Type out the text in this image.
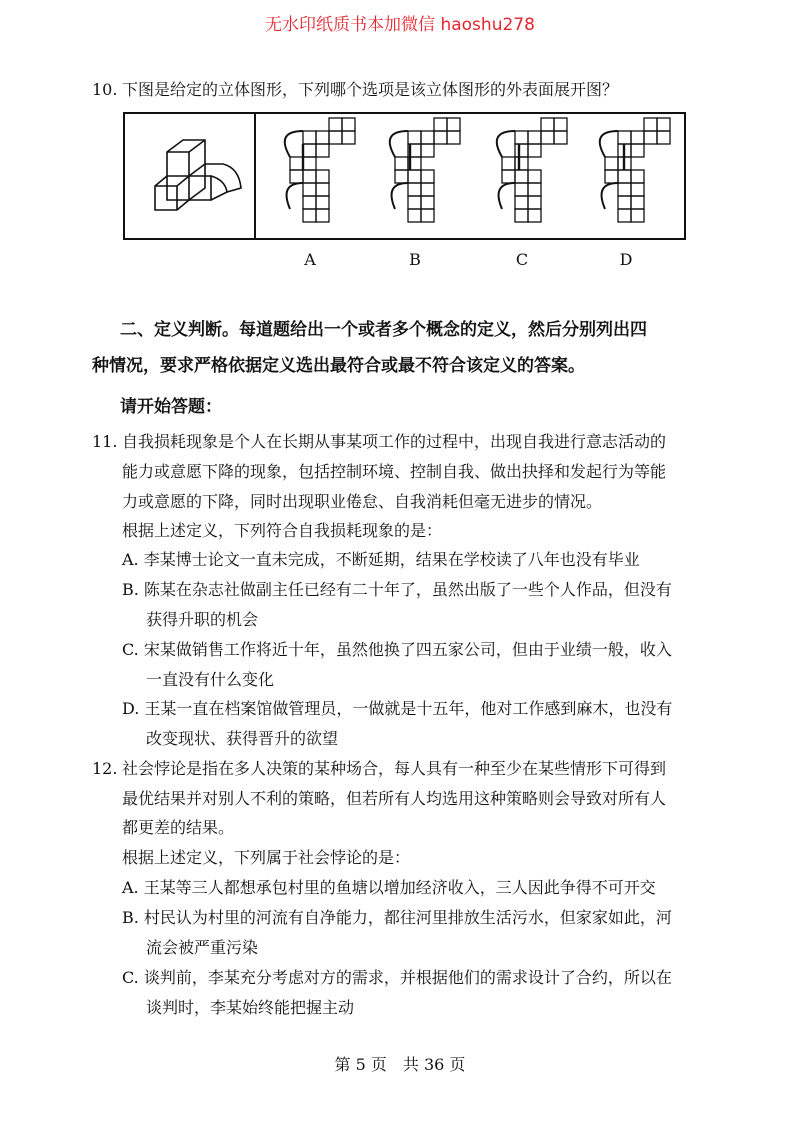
无水印纸质书本加微信 haoshu278
10. 下图是给定的立体图形，下列哪个选项是该立体图形的外表面展开图？
A	B	C	D
二、定义判断。每道题给出一个或者多个概念的定义，然后分别列出四
种情况，要求严格依据定义选出最符合或最不符合该定义的答案。
请开始答题：
11. 自我损耗现象是个人在长期从事某项工作的过程中，出现自我进行意志活动的
能力或意愿下降的现象，包括控制环境、控制自我、做出抉择和发起行为等能
力或意愿的下降，同时出现职业倦怠、自我消耗但毫无进步的情况。
根据上述定义，下列符合自我损耗现象的是：
A. 李某博士论文一直未完成，不断延期，结果在学校读了八年也没有毕业
B. 陈某在杂志社做副主任已经有二十年了，虽然出版了一些个人作品，但没有
获得升职的机会
C. 宋某做销售工作将近十年，虽然他换了四五家公司，但由于业绩一般，收入
一直没有什么变化
D. 王某一直在档案馆做管理员，一做就是十五年，他对工作感到麻木，也没有
改变现状、获得晋升的欲望
12. 社会悖论是指在多人决策的某种场合，每人具有一种至少在某些情形下可得到
最优结果并对别人不利的策略，但若所有人均选用这种策略则会导致对所有人
都更差的结果。
根据上述定义，下列属于社会悖论的是：
A. 王某等三人都想承包村里的鱼塘以增加经济收入，三人因此争得不可开交
B. 村民认为村里的河流有自净能力，都往河里排放生活污水，但家家如此，河
流会被严重污染
C. 谈判前，李某充分考虑对方的需求，并根据他们的需求设计了合约，所以在
谈判时，李某始终能把握主动
第 5 页　共 36 页
